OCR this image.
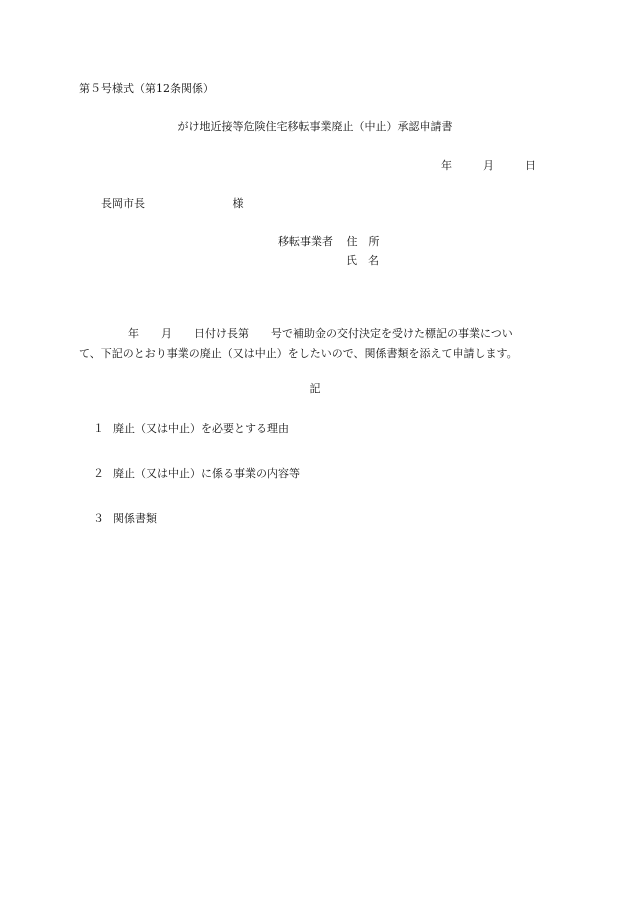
第５号様式（第12条関係）
がけ地近接等危険住宅移転事業廃止（中止）承認申請書
年	月	日
長岡市長	様
移転事業者 住　所
氏　名
年　　月　　日付け長第　　号で補助金の交付決定を受けた標記の事業につい
て、下記のとおり事業の廃止（又は中止）をしたいので、関係書類を添えて申請します。
記
１ 廃止（又は中止）を必要とする理由
２ 廃止（又は中止）に係る事業の内容等
３ 関係書類
